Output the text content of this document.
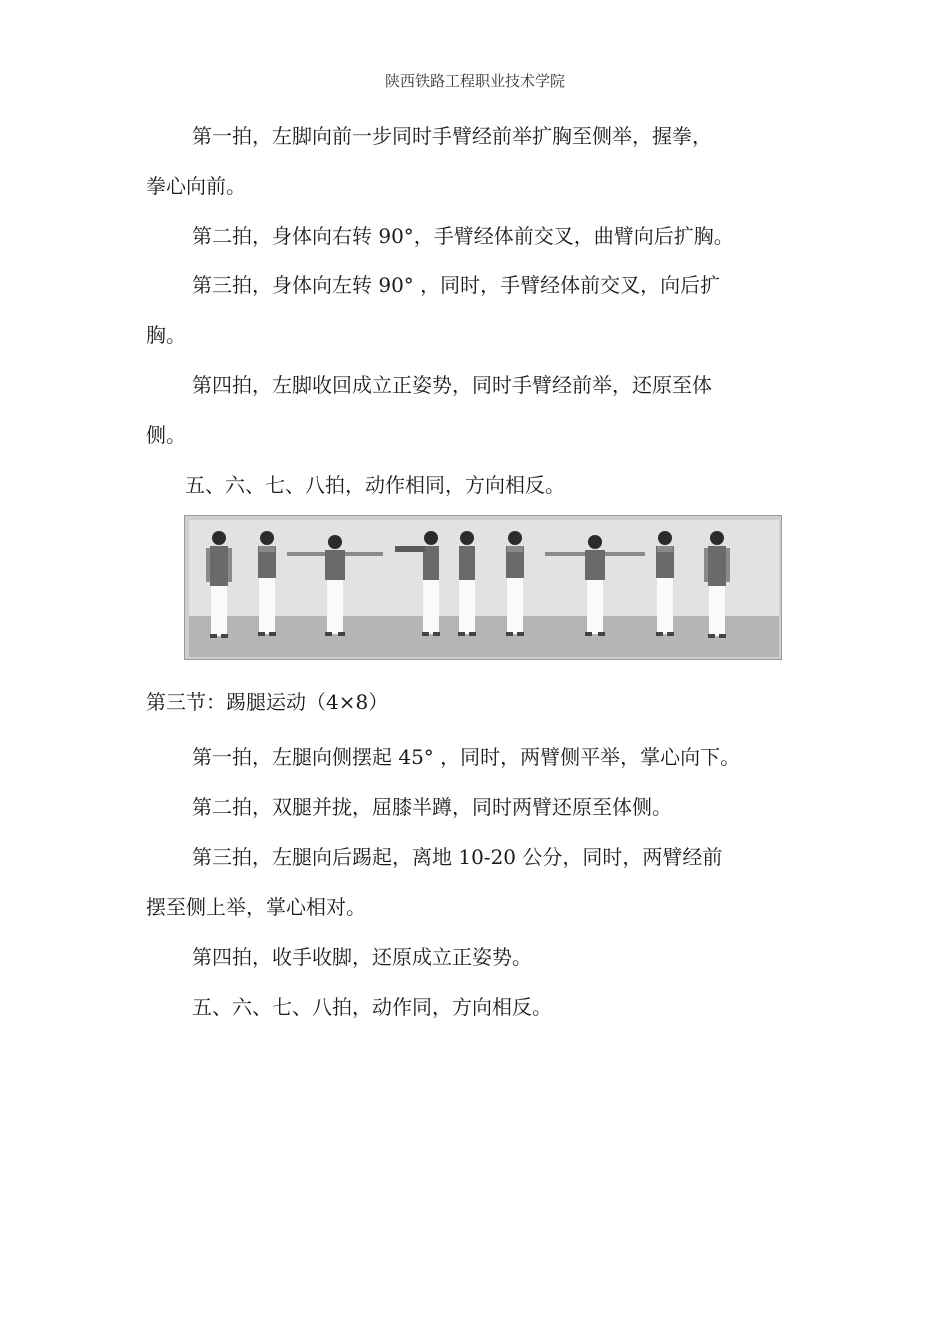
陕西铁路工程职业技术学院
第一拍，左脚向前一步同时手臂经前举扩胸至侧举，握拳，
拳心向前。
第二拍，身体向右转 90°，手臂经体前交叉，曲臂向后扩胸。
第三拍，身体向左转 90° ，同时，手臂经体前交叉，向后扩
胸。
第四拍，左脚收回成立正姿势，同时手臂经前举，还原至体
侧。
五、六、七、八拍，动作相同，方向相反。
第三节：踢腿运动（4×8）
第一拍，左腿向侧摆起 45° ，同时，两臂侧平举，掌心向下。
第二拍，双腿并拢，屈膝半蹲，同时两臂还原至体侧。
第三拍，左腿向后踢起，离地 10-20 公分，同时，两臂经前
摆至侧上举，掌心相对。
第四拍，收手收脚，还原成立正姿势。
五、六、七、八拍，动作同，方向相反。
